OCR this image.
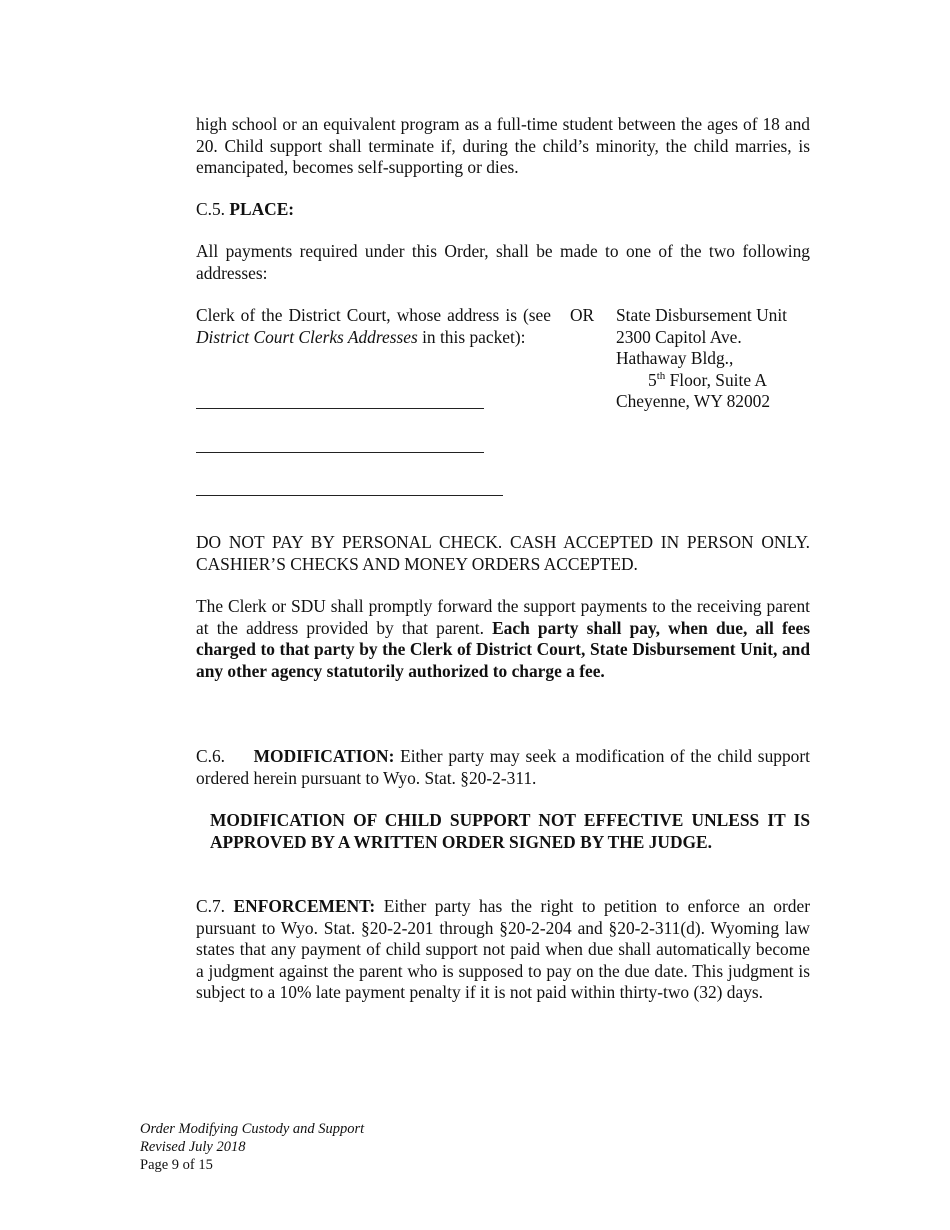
high school or an equivalent program as a full-time student between the ages of 18 and 20. Child support shall terminate if, during the child’s minority, the child marries, is emancipated, becomes self-supporting or dies.

C.5. PLACE:

All payments required under this Order, shall be made to one of the two following addresses:

Clerk of the District Court, whose address is (see District Court Clerks Addresses in this packet):
OR State Disbursement Unit
2300 Capitol Ave.
Hathaway Bldg.,
5th Floor, Suite A
Cheyenne, WY 82002

DO NOT PAY BY PERSONAL CHECK. CASH ACCEPTED IN PERSON ONLY. CASHIER’S CHECKS AND MONEY ORDERS ACCEPTED.

The Clerk or SDU shall promptly forward the support payments to the receiving parent at the address provided by that parent. Each party shall pay, when due, all fees charged to that party by the Clerk of District Court, State Disbursement Unit, and any other agency statutorily authorized to charge a fee.

C.6. MODIFICATION: Either party may seek a modification of the child support ordered herein pursuant to Wyo. Stat. §20-2-311.

MODIFICATION OF CHILD SUPPORT NOT EFFECTIVE UNLESS IT IS APPROVED BY A WRITTEN ORDER SIGNED BY THE JUDGE.

C.7. ENFORCEMENT: Either party has the right to petition to enforce an order pursuant to Wyo. Stat. §20-2-201 through §20-2-204 and §20-2-311(d). Wyoming law states that any payment of child support not paid when due shall automatically become a judgment against the parent who is supposed to pay on the due date. This judgment is subject to a 10% late payment penalty if it is not paid within thirty-two (32) days.

Order Modifying Custody and Support
Revised July 2018
Page 9 of 15
